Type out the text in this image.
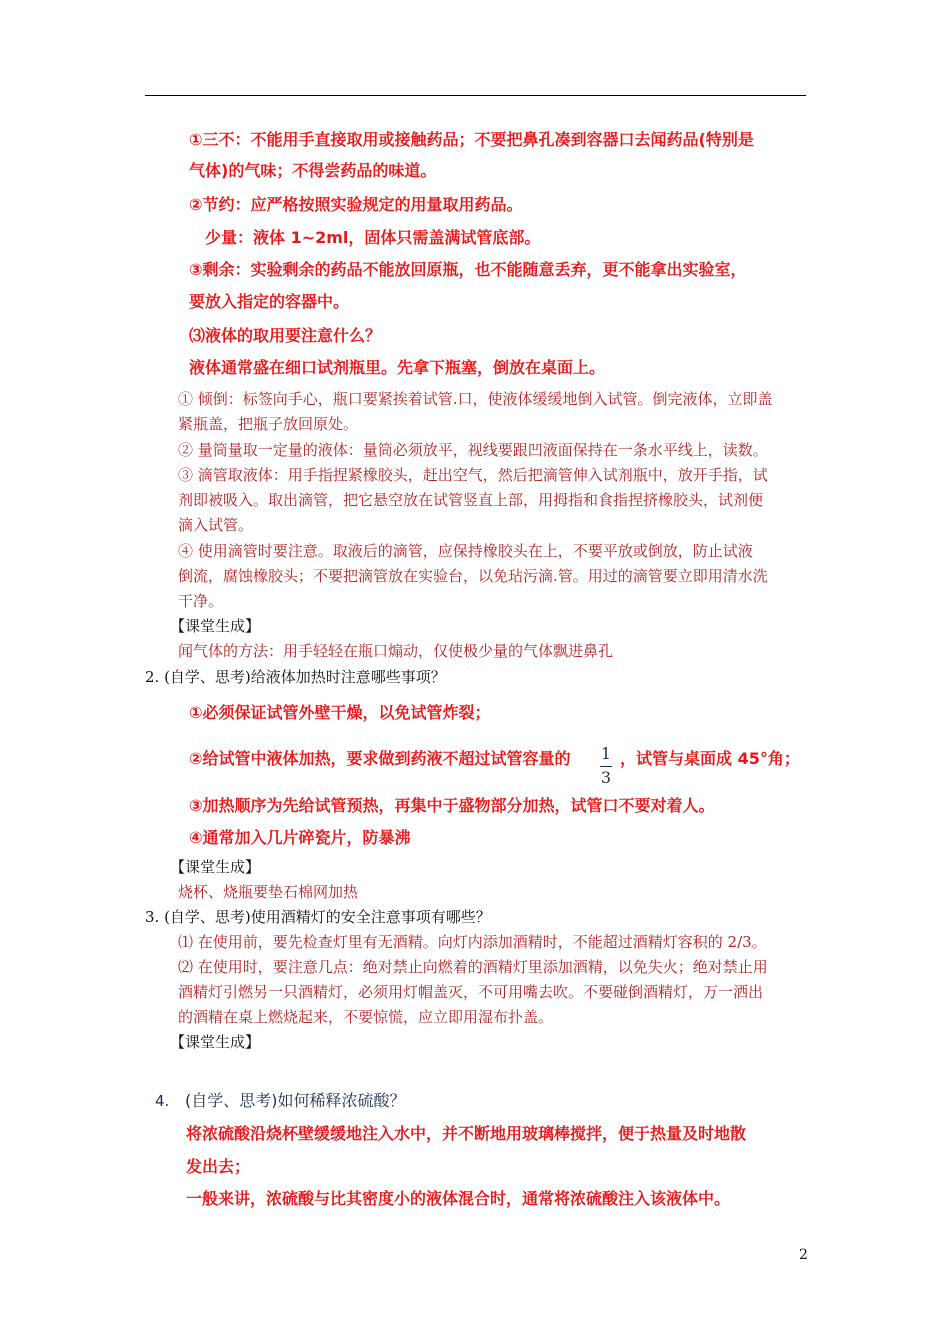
①三不：不能用手直接取用或接触药品；不要把鼻孔凑到容器口去闻药品(特别是
气体)的气味；不得尝药品的味道。
②节约：应严格按照实验规定的用量取用药品。
少量：液体 1~2ml，固体只需盖满试管底部。
③剩余：实验剩余的药品不能放回原瓶，也不能随意丢弃，更不能拿出实验室，
要放入指定的容器中。
⑶液体的取用要注意什么？
液体通常盛在细口试剂瓶里。先拿下瓶塞，倒放在桌面上。
① 倾倒：标签向手心，瓶口要紧挨着试管.口，使液体缓缓地倒入试管。倒完液体，立即盖
紧瓶盖，把瓶子放回原处。
② 量筒量取一定量的液体：量筒必须放平，视线要跟凹液面保持在一条水平线上，读数。
③ 滴管取液体：用手指捏紧橡胶头，赶出空气，然后把滴管伸入试剂瓶中，放开手指，试
剂即被吸入。取出滴管，把它悬空放在试管竖直上部，用拇指和食指捏挤橡胶头，试剂便
滴入试管。
④ 使用滴管时要注意。取液后的滴管，应保持橡胶头在上，不要平放或倒放，防止试液
倒流，腐蚀橡胶头；不要把滴管放在实验台，以免玷污滴.管。用过的滴管要立即用清水洗
干净。
【课堂生成】
闻气体的方法：用手轻轻在瓶口煽动，仅使极少量的气体飘进鼻孔
2. (自学、思考)给液体加热时注意哪些事项？
①必须保证试管外壁干燥，以免试管炸裂；
②给试管中液体加热，要求做到药液不超过试管容量的 1
3
，试管与桌面成 45°角；
③加热顺序为先给试管预热，再集中于盛物部分加热，试管口不要对着人。
④通常加入几片碎瓷片，防暴沸
【课堂生成】
烧杯、烧瓶要垫石棉网加热
3. (自学、思考)使用酒精灯的安全注意事项有哪些？
⑴ 在使用前，要先检查灯里有无酒精。向灯内添加酒精时，不能超过酒精灯容积的 2/3。
⑵ 在使用时，要注意几点：绝对禁止向燃着的酒精灯里添加酒精，以免失火；绝对禁止用
酒精灯引燃另一只酒精灯，必须用灯帽盖灭，不可用嘴去吹。不要碰倒酒精灯，万一洒出
的酒精在桌上燃烧起来，不要惊慌，应立即用湿布扑盖。
【课堂生成】
4. (自学、思考)如何稀释浓硫酸？
将浓硫酸沿烧杯壁缓缓地注入水中，并不断地用玻璃棒搅拌，便于热量及时地散
发出去；
一般来讲，浓硫酸与比其密度小的液体混合时，通常将浓硫酸注入该液体中。
2
